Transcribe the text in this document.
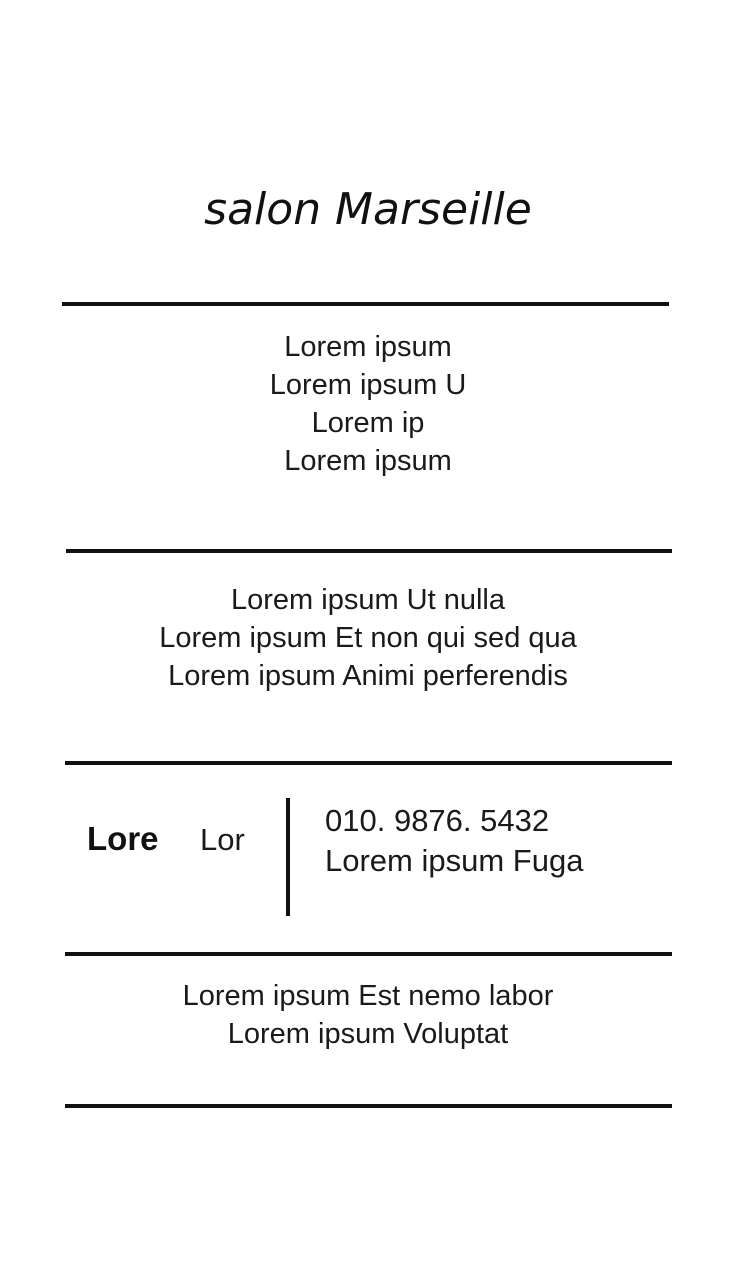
salon Marseille
Lorem ipsum
Lorem ipsum U
Lorem ip
Lorem ipsum
Lorem ipsum Ut nulla
Lorem ipsum Et non qui sed qua
Lorem ipsum Animi perferendis
Lore Lor
010. 9876. 5432
Lorem ipsum Fuga
Lorem ipsum Est nemo labor
Lorem ipsum Voluptat
